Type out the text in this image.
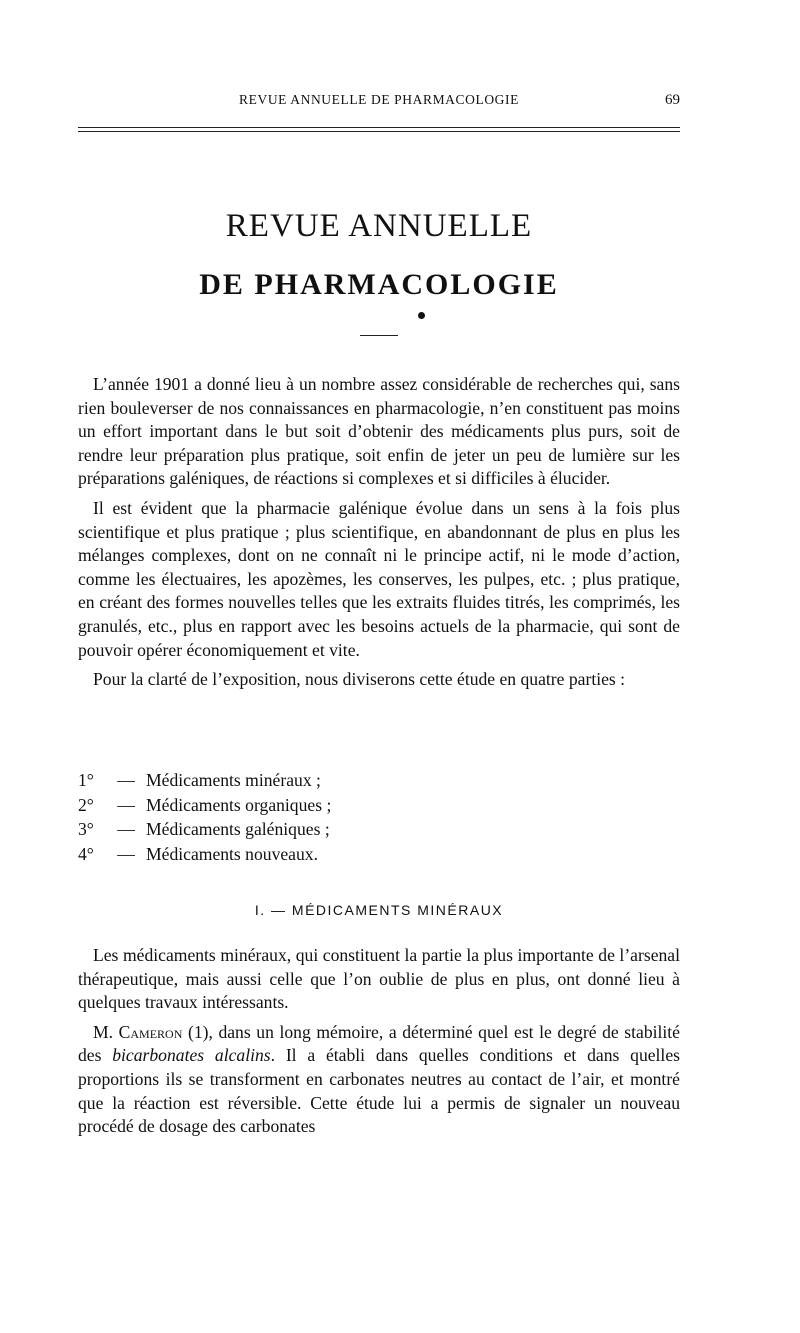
REVUE ANNUELLE DE PHARMACOLOGIE	69
REVUE ANNUELLE
DE PHARMACOLOGIE

L’année 1901 a donné lieu à un nombre assez considérable de recherches qui, sans rien bouleverser de nos connaissances en pharmacologie, n’en constituent pas moins un effort important dans le but soit d’obtenir des médicaments plus purs, soit de rendre leur préparation plus pratique, soit enfin de jeter un peu de lumière sur les préparations galéniques, de réactions si complexes et si difficiles à élucider.

Il est évident que la pharmacie galénique évolue dans un sens à la fois plus scientifique et plus pratique ; plus scientifique, en abandonnant de plus en plus les mélanges complexes, dont on ne connaît ni le principe actif, ni le mode d’action, comme les électuaires, les apozèmes, les conserves, les pulpes, etc. ; plus pratique, en créant des formes nouvelles telles que les extraits fluides titrés, les comprimés, les granulés, etc., plus en rapport avec les besoins actuels de la pharmacie, qui sont de pouvoir opérer économiquement et vite.

Pour la clarté de l’exposition, nous diviserons cette étude en quatre parties :

1°	— Médicaments minéraux ;
2°	— Médicaments organiques ;
3°	— Médicaments galéniques ;
4°	— Médicaments nouveaux.
I. — MÉDICAMENTS MINÉRAUX

Les médicaments minéraux, qui constituent la partie la plus importante de l’arsenal thérapeutique, mais aussi celle que l’on oublie de plus en plus, ont donné lieu à quelques travaux intéressants.

M. Cameron (1), dans un long mémoire, a déterminé quel est le degré de stabilité des bicarbonates alcalins. Il a établi dans quelles conditions et dans quelles proportions ils se transforment en carbonates neutres au contact de l’air, et montré que la réaction est réversible. Cette étude lui a permis de signaler un nouveau procédé de dosage des carbonates
